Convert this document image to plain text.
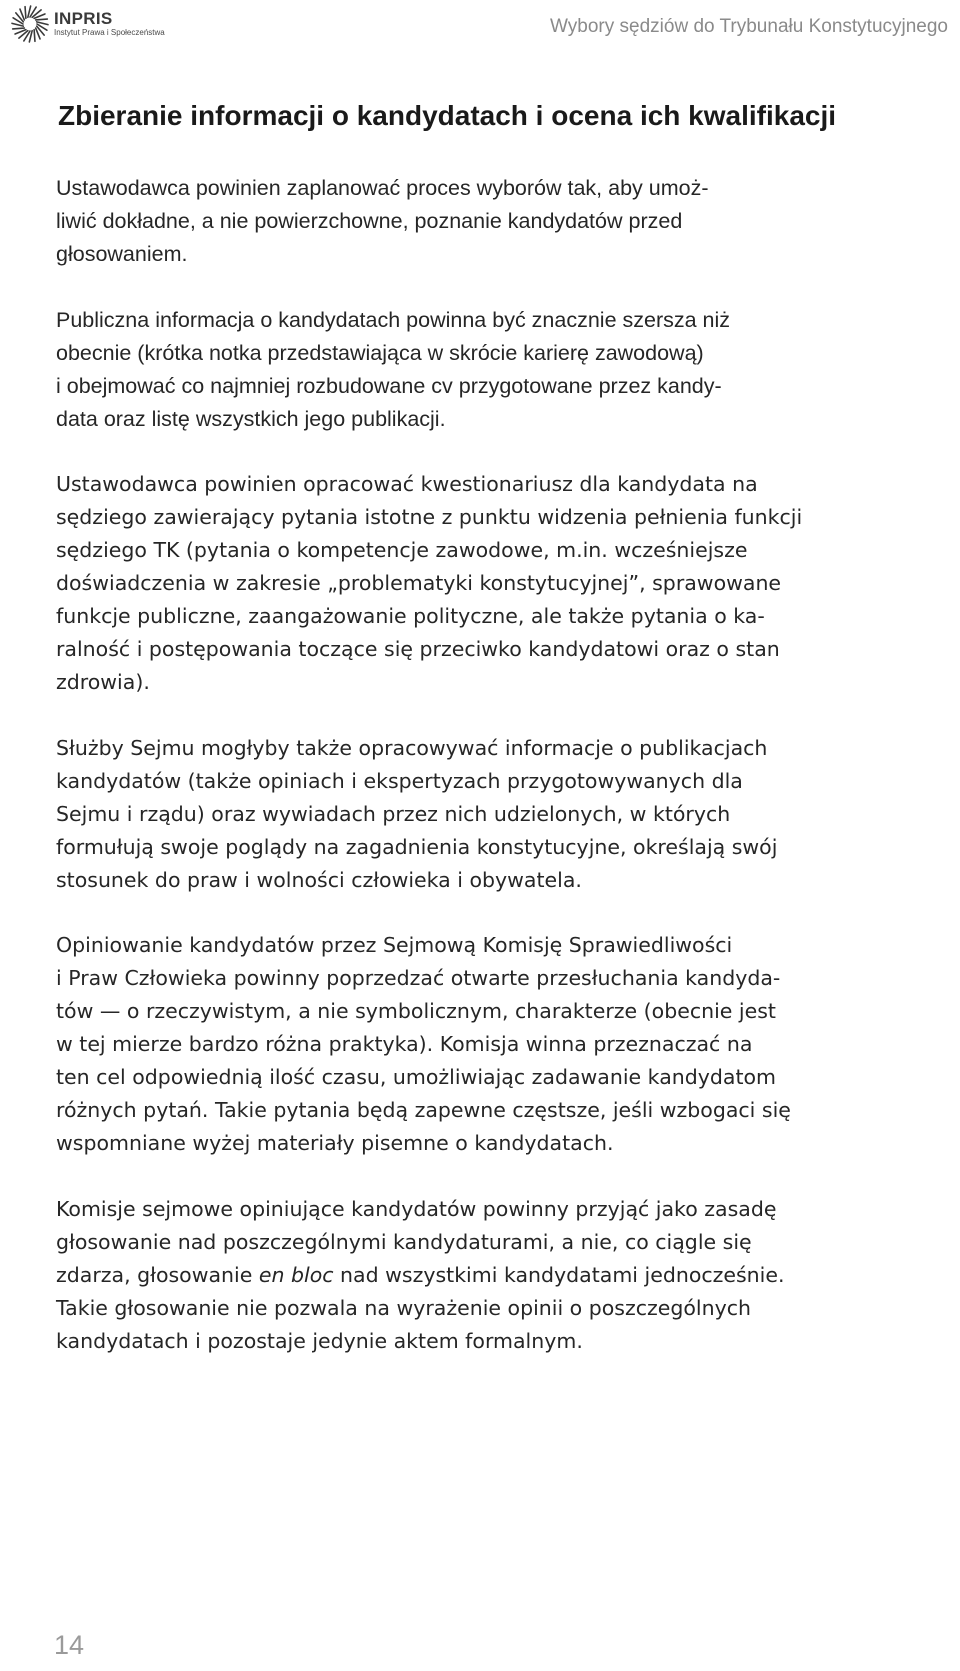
INPRIS
Instytut Prawa i Społeczeństwa	Wybory sędziów do Trybunału Konstytucyjnego
Zbieranie informacji o kandydatach i ocena ich kwalifikacji

Ustawodawca powinien zaplanować proces wyborów tak, aby umoż-
liwić dokładne, a nie powierzchowne, poznanie kandydatów przed
głosowaniem.

Publiczna informacja o kandydatach powinna być znacznie szersza niż
obecnie (krótka notka przedstawiająca w skrócie karierę zawodową)
i obejmować co najmniej rozbudowane cv przygotowane przez kandy-
data oraz listę wszystkich jego publikacji.

Ustawodawca powinien opracować kwestionariusz dla kandydata na
sędziego zawierający pytania istotne z punktu widzenia pełnienia funkcji
sędziego TK (pytania o kompetencje zawodowe, m.in. wcześniejsze
doświadczenia w zakresie „problematyki konstytucyjnej”, sprawowane
funkcje publiczne, zaangażowanie polityczne, ale także pytania o ka-
ralność i postępowania toczące się przeciwko kandydatowi oraz o stan
zdrowia).

Służby Sejmu mogłyby także opracowywać informacje o publikacjach
kandydatów (także opiniach i ekspertyzach przygotowywanych dla
Sejmu i rządu) oraz wywiadach przez nich udzielonych, w których
formułują swoje poglądy na zagadnienia konstytucyjne, określają swój
stosunek do praw i wolności człowieka i obywatela.

Opiniowanie kandydatów przez Sejmową Komisję Sprawiedliwości
i Praw Człowieka powinny poprzedzać otwarte przesłuchania kandyda-
tów — o rzeczywistym, a nie symbolicznym, charakterze (obecnie jest
w tej mierze bardzo różna praktyka). Komisja winna przeznaczać na
ten cel odpowiednią ilość czasu, umożliwiając zadawanie kandydatom
różnych pytań. Takie pytania będą zapewne częstsze, jeśli wzbogaci się
wspomniane wyżej materiały pisemne o kandydatach.

Komisje sejmowe opiniujące kandydatów powinny przyjąć jako zasadę
głosowanie nad poszczególnymi kandydaturami, a nie, co ciągle się
zdarza, głosowanie en bloc nad wszystkimi kandydatami jednocześnie.
Takie głosowanie nie pozwala na wyrażenie opinii o poszczególnych
kandydatach i pozostaje jedynie aktem formalnym.

14
